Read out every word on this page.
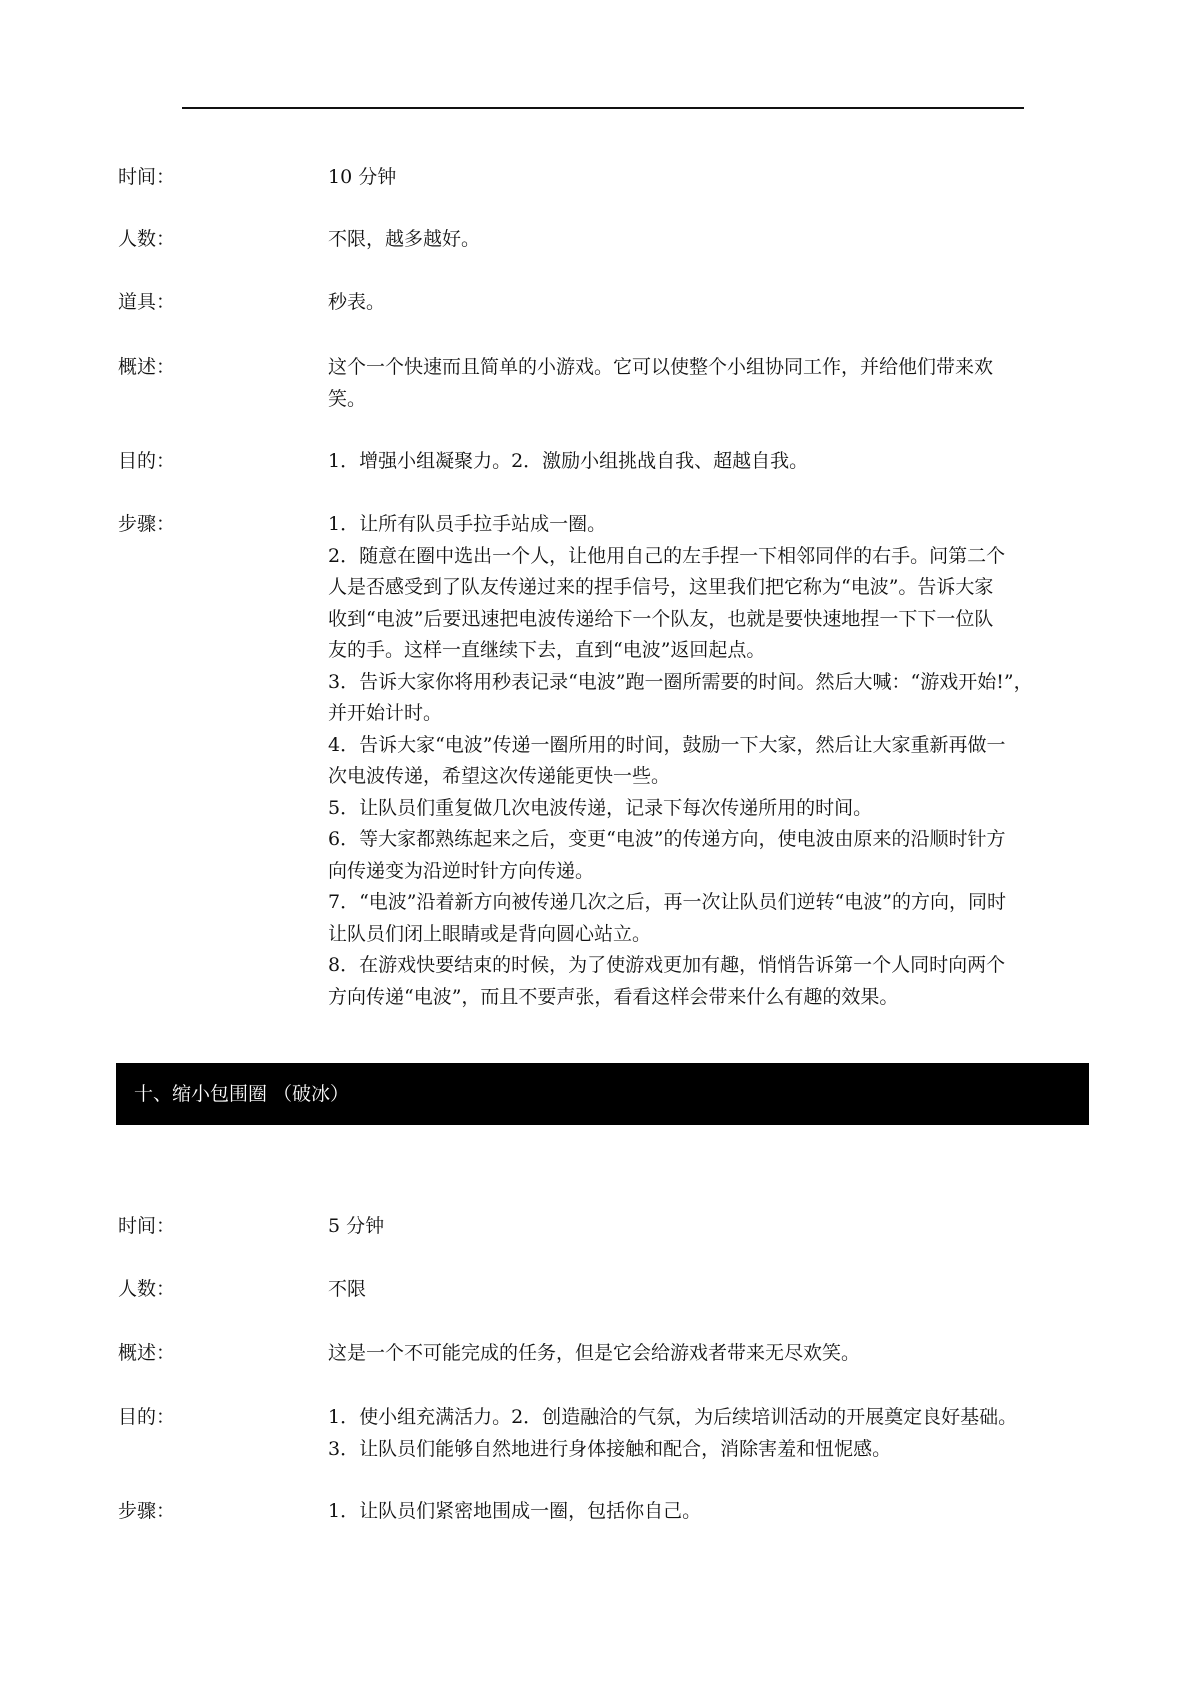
时间：	10 分钟
人数：	不限，越多越好。
道具：	秒表。
概述：	这个一个快速而且简单的小游戏。它可以使整个小组协同工作，并给他们带来欢
笑。
目的：	1．增强小组凝聚力。2．激励小组挑战自我、超越自我。
步骤：	1．让所有队员手拉手站成一圈。
2．随意在圈中选出一个人，让他用自己的左手捏一下相邻同伴的右手。问第二个
人是否感受到了队友传递过来的捏手信号，这里我们把它称为“电波”。告诉大家
收到“电波”后要迅速把电波传递给下一个队友，也就是要快速地捏一下下一位队
友的手。这样一直继续下去，直到“电波”返回起点。
3．告诉大家你将用秒表记录“电波”跑一圈所需要的时间。然后大喊：“游戏开始!”，
并开始计时。
4．告诉大家“电波”传递一圈所用的时间，鼓励一下大家，然后让大家重新再做一
次电波传递，希望这次传递能更快一些。
5．让队员们重复做几次电波传递，记录下每次传递所用的时间。
6．等大家都熟练起来之后，变更“电波”的传递方向，使电波由原来的沿顺时针方
向传递变为沿逆时针方向传递。
7．“电波”沿着新方向被传递几次之后，再一次让队员们逆转“电波”的方向，同时
让队员们闭上眼睛或是背向圆心站立。
8．在游戏快要结束的时候，为了使游戏更加有趣，悄悄告诉第一个人同时向两个
方向传递“电波”，而且不要声张，看看这样会带来什么有趣的效果。
十、缩小包围圈 （破冰）
时间：	5 分钟
人数：	不限
概述：	这是一个不可能完成的任务，但是它会给游戏者带来无尽欢笑。
目的：	1．使小组充满活力。2．创造融洽的气氛，为后续培训活动的开展奠定良好基础。
3．让队员们能够自然地进行身体接触和配合，消除害羞和忸怩感。
步骤：	1．让队员们紧密地围成一圈，包括你自己。
